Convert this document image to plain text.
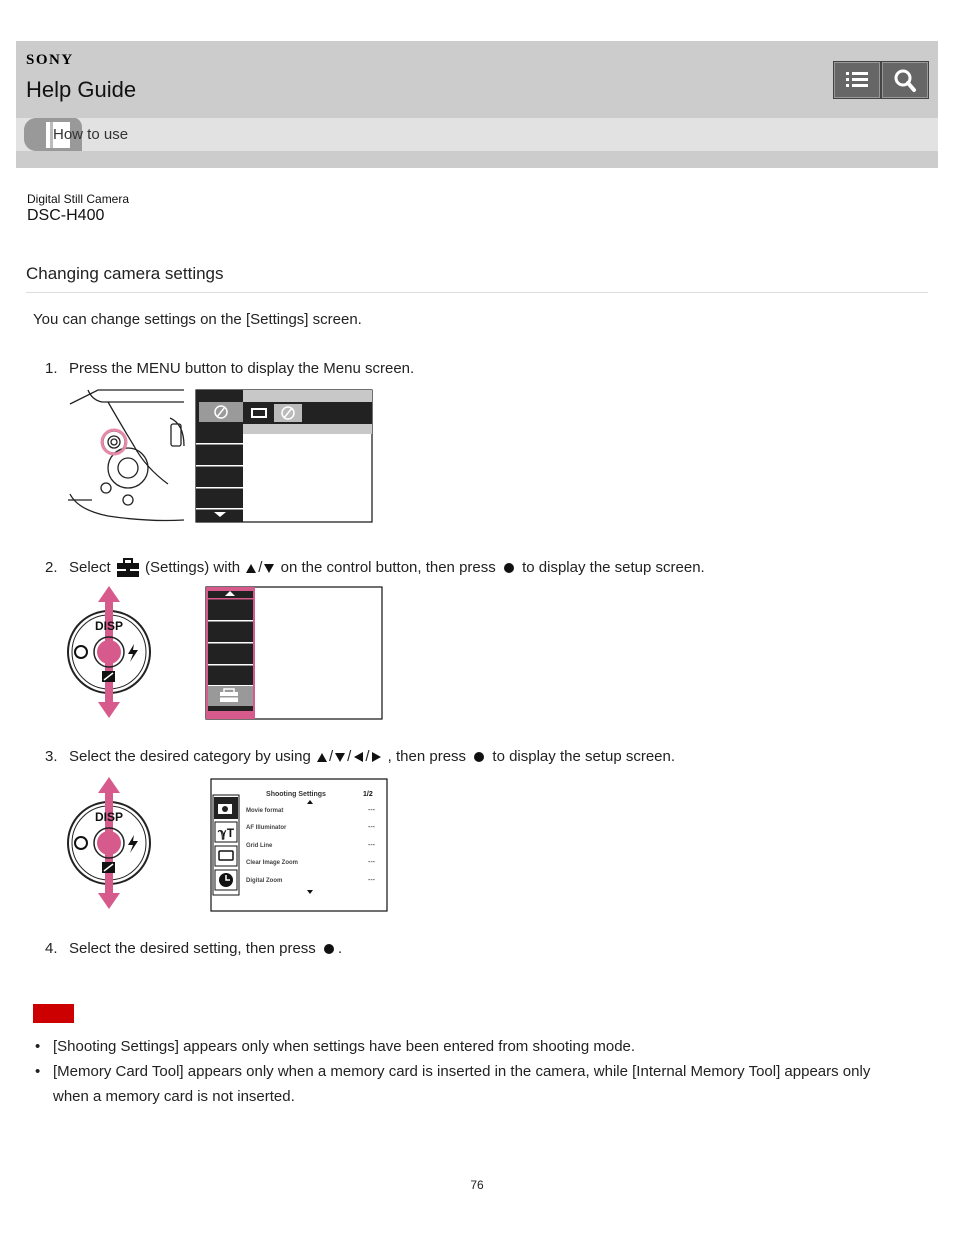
SONY
Help Guide
How to use
Digital Still Camera
DSC-H400
Changing camera settings
You can change settings on the [Settings] screen.
1. Press the MENU button to display the Menu screen.
2. Select (Settings) with / on the control button, then press to display the setup screen.
DISP
3. Select the desired category by using / / / , then press to display the setup screen.
DISP
ℽT
Shooting Settings	1/2
Movie format
AF Illuminator
Grid Line
Clear Image Zoom
Digital Zoom
---
---
---
---
---
4. Select the desired setting, then press .
• [Shooting Settings] appears only when settings have been entered from shooting mode.
• [Memory Card Tool] appears only when a memory card is inserted in the camera, while [Internal Memory Tool] appears only when a memory card is not inserted.
76
